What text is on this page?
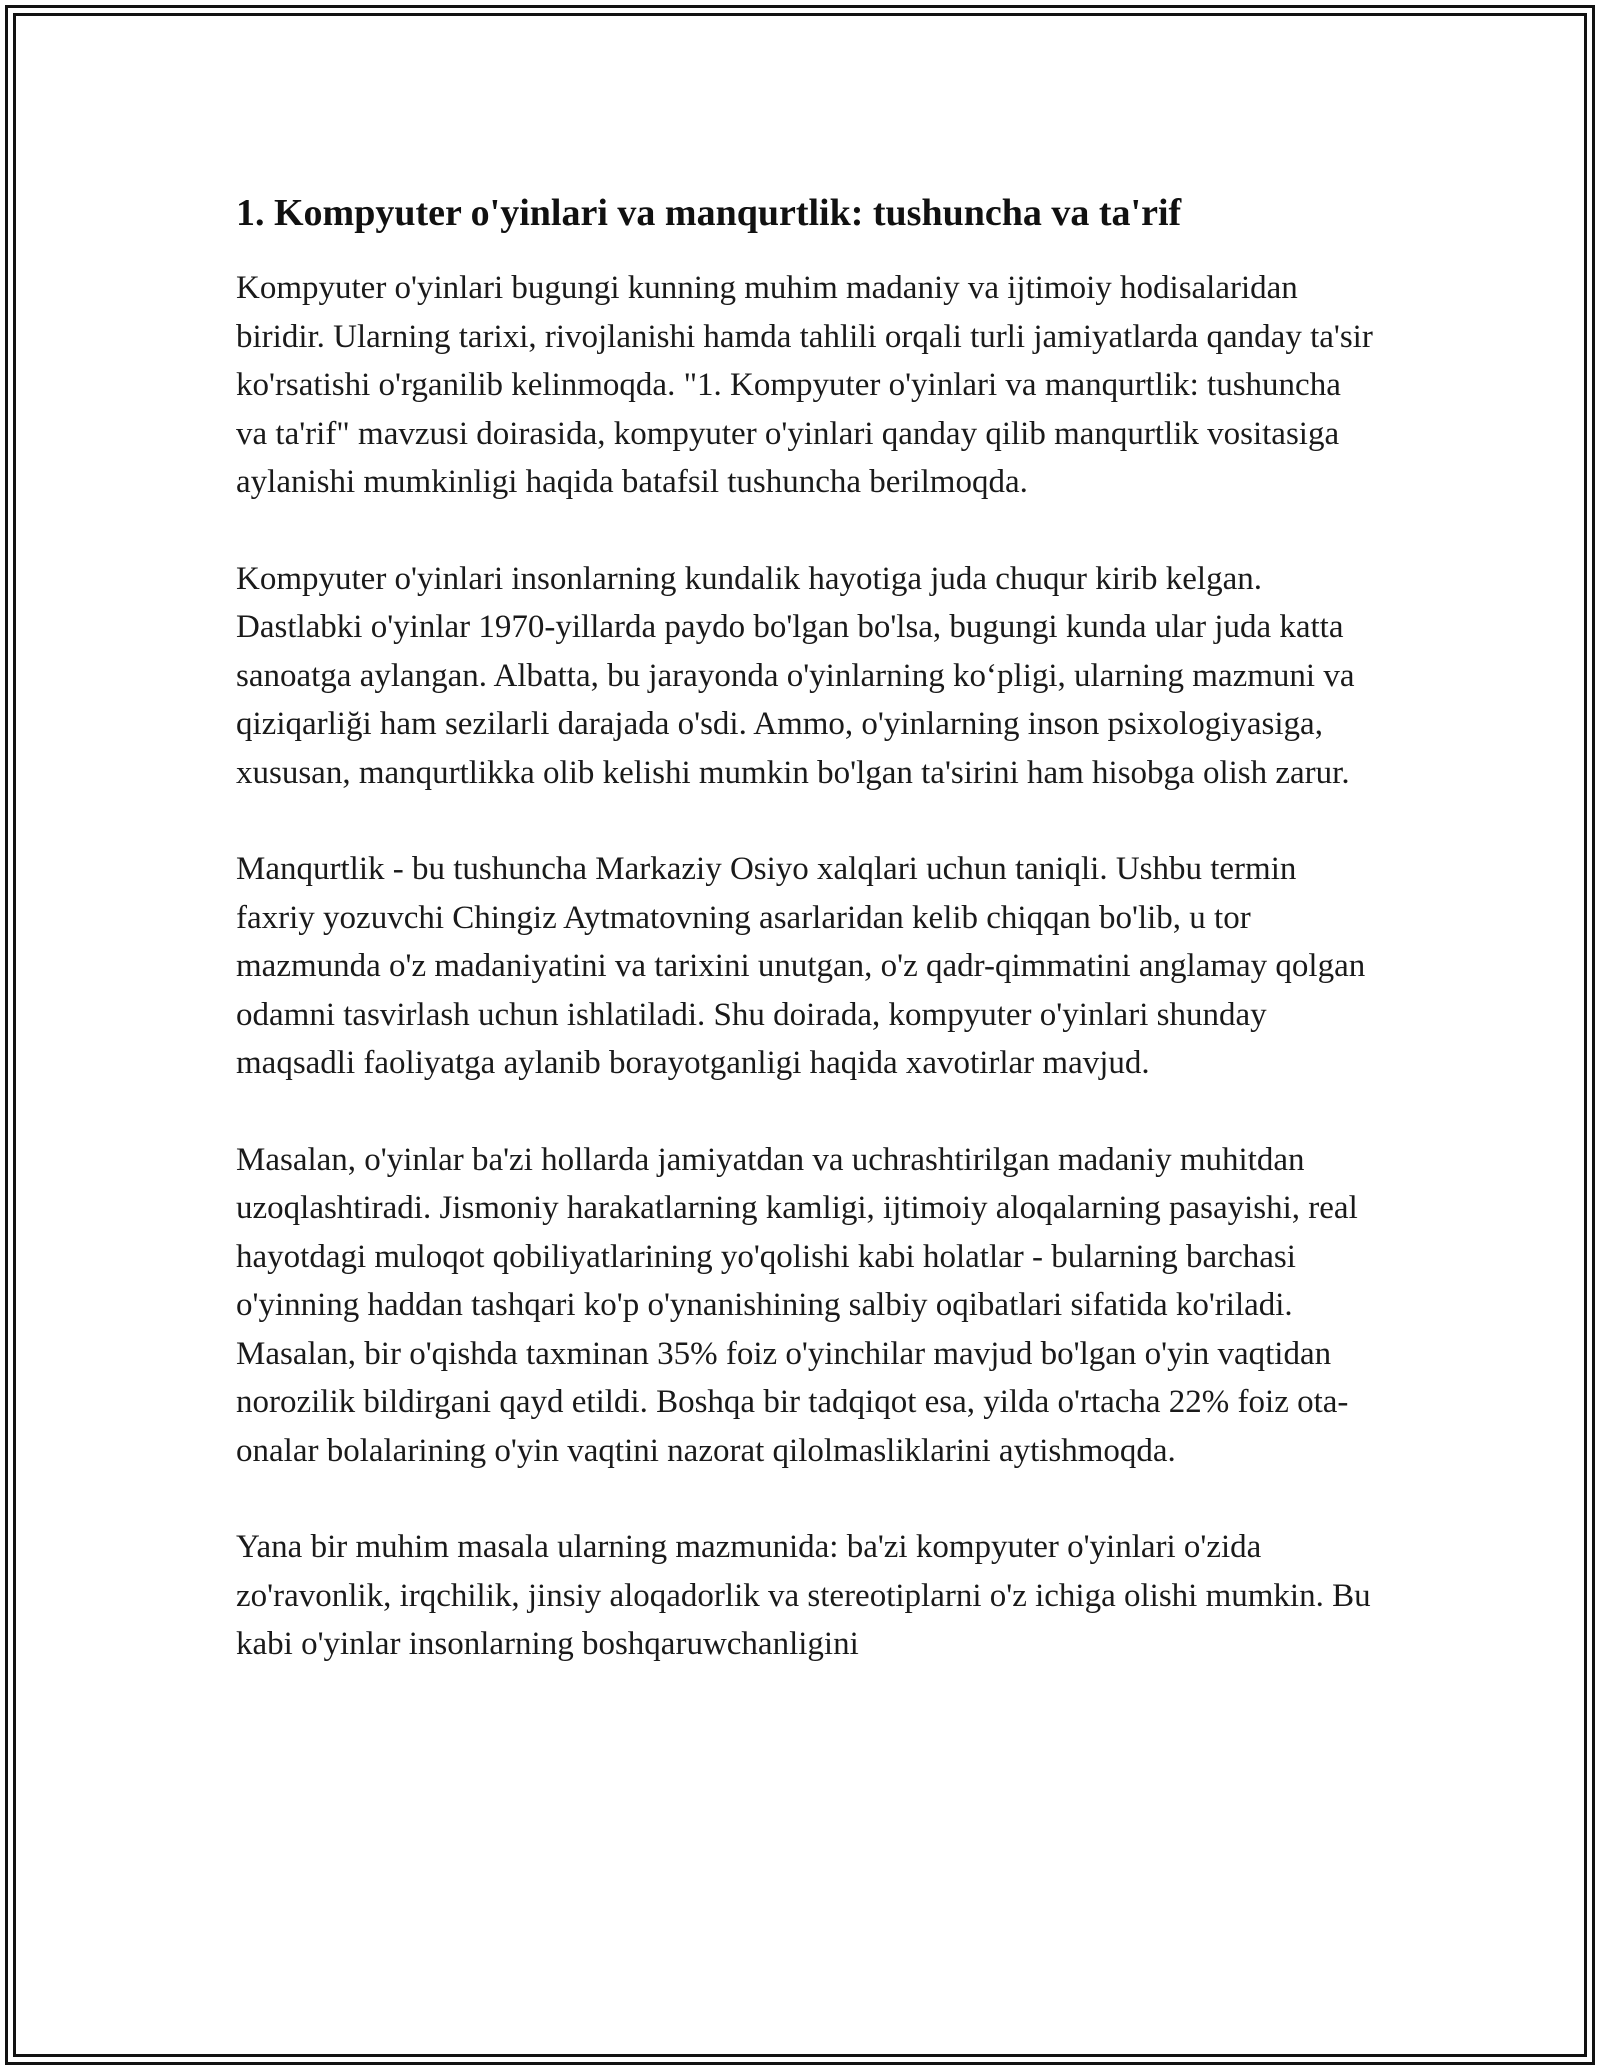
1. Kompyuter o'yinlari va manqurtlik: tushuncha va ta'rif

Kompyuter o'yinlari bugungi kunning muhim madaniy va ijtimoiy hodisalaridan biridir. Ularning tarixi, rivojlanishi hamda tahlili orqali turli jamiyatlarda qanday ta'sir ko'rsatishi o'rganilib kelinmoqda. "1. Kompyuter o'yinlari va manqurtlik: tushuncha va ta'rif" mavzusi doirasida, kompyuter o'yinlari qanday qilib manqurtlik vositasiga aylanishi mumkinligi haqida batafsil tushuncha berilmoqda.

Kompyuter o'yinlari insonlarning kundalik hayotiga juda chuqur kirib kelgan. Dastlabki o'yinlar 1970-yillarda paydo bo'lgan bo'lsa, bugungi kunda ular juda katta sanoatga aylangan. Albatta, bu jarayonda o'yinlarning ko‘pligi, ularning mazmuni va qiziqarliği ham sezilarli darajada o'sdi. Ammo, o'yinlarning inson psixologiyasiga, xususan, manqurtlikka olib kelishi mumkin bo'lgan ta'sirini ham hisobga olish zarur.

Manqurtlik - bu tushuncha Markaziy Osiyo xalqlari uchun taniqli. Ushbu termin faxriy yozuvchi Chingiz Aytmatovning asarlaridan kelib chiqqan bo'lib, u tor mazmunda o'z madaniyatini va tarixini unutgan, o'z qadr-qimmatini anglamay qolgan odamni tasvirlash uchun ishlatiladi. Shu doirada, kompyuter o'yinlari shunday maqsadli faoliyatga aylanib borayotganligi haqida xavotirlar mavjud.

Masalan, o'yinlar ba'zi hollarda jamiyatdan va uchrashtirilgan madaniy muhitdan uzoqlashtiradi. Jismoniy harakatlarning kamligi, ijtimoiy aloqalarning pasayishi, real hayotdagi muloqot qobiliyatlarining yo'qolishi kabi holatlar - bularning barchasi o'yinning haddan tashqari ko'p o'ynanishining salbiy oqibatlari sifatida ko'riladi. Masalan, bir o'qishda taxminan 35% foiz o'yinchilar mavjud bo'lgan o'yin vaqtidan norozilik bildirgani qayd etildi. Boshqa bir tadqiqot esa, yilda o'rtacha 22% foiz ota-onalar bolalarining o'yin vaqtini nazorat qilolmasliklarini aytishmoqda.

Yana bir muhim masala ularning mazmunida: ba'zi kompyuter o'yinlari o'zida zo'ravonlik, irqchilik, jinsiy aloqadorlik va stereotiplarni o'z ichiga olishi mumkin. Bu kabi o'yinlar insonlarning boshqaruwchanligini
